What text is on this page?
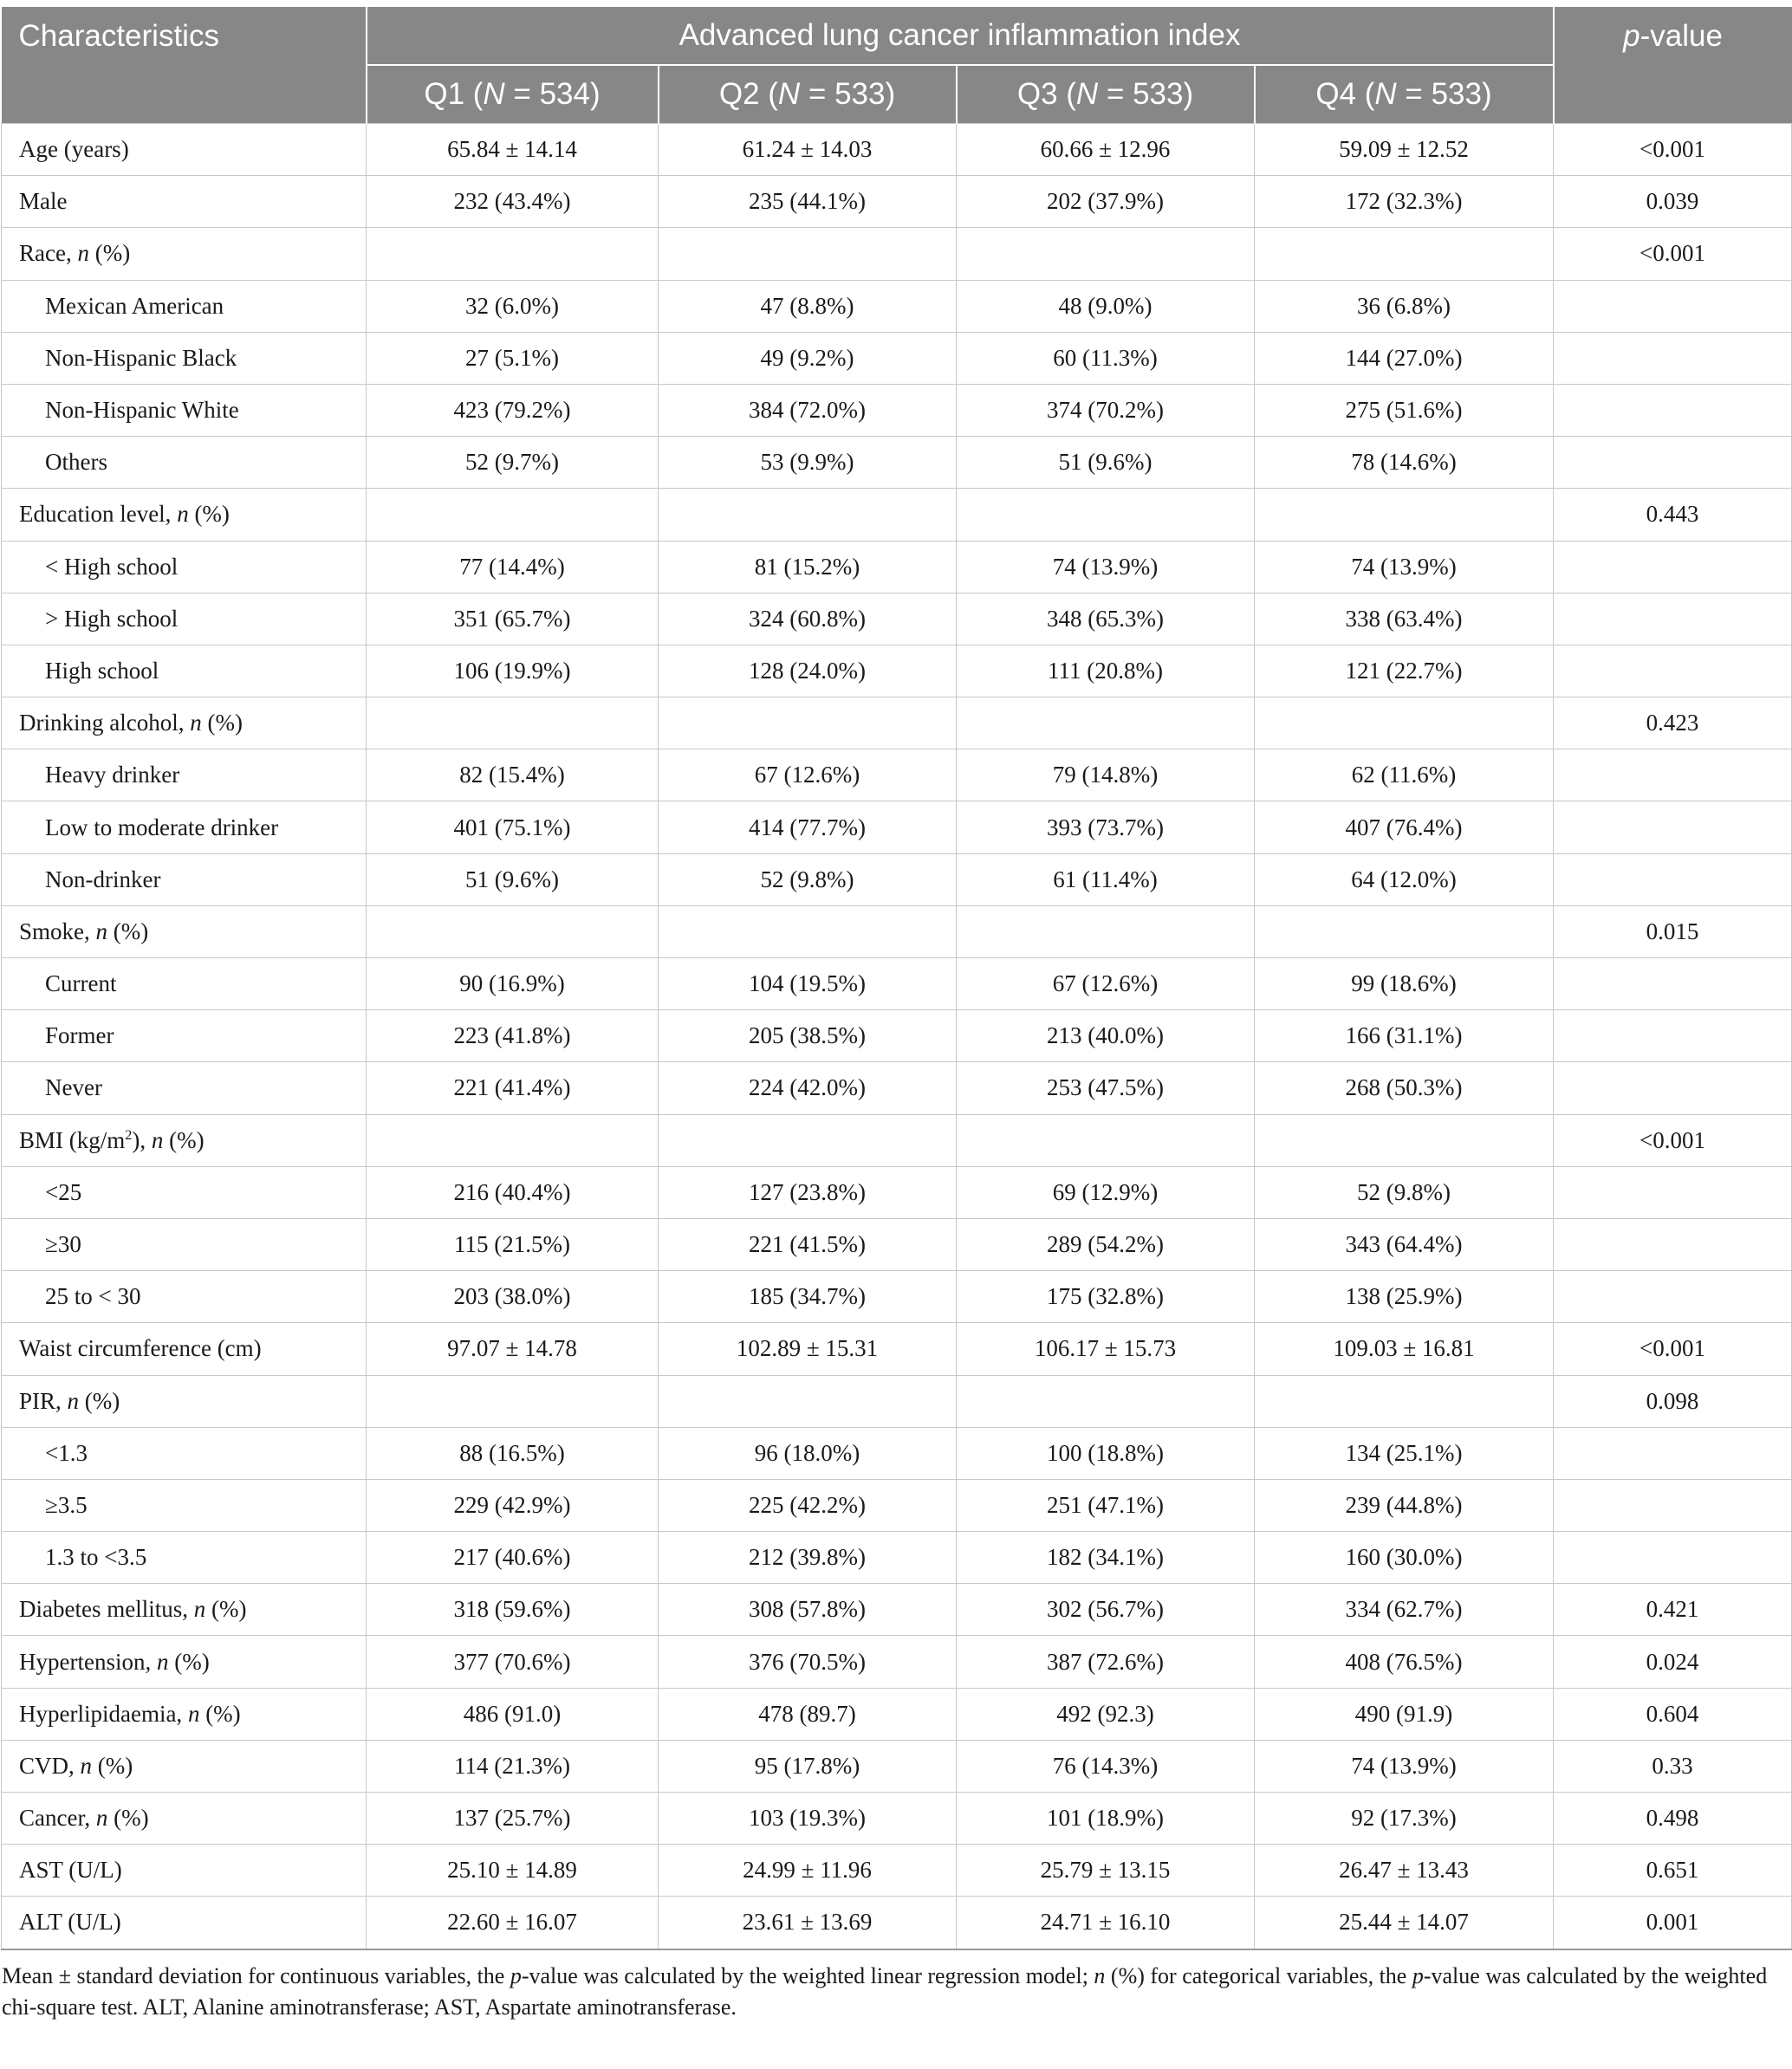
Characteristics	Advanced lung cancer inflammation index				p-value
	Q1 (N = 534)	Q2 (N = 533)	Q3 (N = 533)	Q4 (N = 533)	
Age (years)	65.84 ± 14.14	61.24 ± 14.03	60.66 ± 12.96	59.09 ± 12.52	<0.001
Male	232 (43.4%)	235 (44.1%)	202 (37.9%)	172 (32.3%)	0.039
Race, n (%)					<0.001
Mexican American	32 (6.0%)	47 (8.8%)	48 (9.0%)	36 (6.8%)	
Non-Hispanic Black	27 (5.1%)	49 (9.2%)	60 (11.3%)	144 (27.0%)	
Non-Hispanic White	423 (79.2%)	384 (72.0%)	374 (70.2%)	275 (51.6%)	
Others	52 (9.7%)	53 (9.9%)	51 (9.6%)	78 (14.6%)	
Education level, n (%)					0.443
< High school	77 (14.4%)	81 (15.2%)	74 (13.9%)	74 (13.9%)	
> High school	351 (65.7%)	324 (60.8%)	348 (65.3%)	338 (63.4%)	
High school	106 (19.9%)	128 (24.0%)	111 (20.8%)	121 (22.7%)	
Drinking alcohol, n (%)					0.423
Heavy drinker	82 (15.4%)	67 (12.6%)	79 (14.8%)	62 (11.6%)	
Low to moderate drinker	401 (75.1%)	414 (77.7%)	393 (73.7%)	407 (76.4%)	
Non-drinker	51 (9.6%)	52 (9.8%)	61 (11.4%)	64 (12.0%)	
Smoke, n (%)					0.015
Current	90 (16.9%)	104 (19.5%)	67 (12.6%)	99 (18.6%)	
Former	223 (41.8%)	205 (38.5%)	213 (40.0%)	166 (31.1%)	
Never	221 (41.4%)	224 (42.0%)	253 (47.5%)	268 (50.3%)	
BMI $(kg/m^2)$, n (%)					<0.001
<25	216 (40.4%)	127 (23.8%)	69 (12.9%)	52 (9.8%)	
≥30	115 (21.5%)	221 (41.5%)	289 (54.2%)	343 (64.4%)	
25 to < 30	203 (38.0%)	185 (34.7%)	175 (32.8%)	138 (25.9%)	
Waist circumference (cm)	97.07 ± 14.78	102.89 ± 15.31	106.17 ± 15.73	109.03 ± 16.81	<0.001
PIR, n (%)					0.098
<1.3	88 (16.5%)	96 (18.0%)	100 (18.8%)	134 (25.1%)	
≥3.5	229 (42.9%)	225 (42.2%)	251 (47.1%)	239 (44.8%)	
1.3 to <3.5	217 (40.6%)	212 (39.8%)	182 (34.1%)	160 (30.0%)	
Diabetes mellitus, n (%)	318 (59.6%)	308 (57.8%)	302 (56.7%)	334 (62.7%)	0.421
Hypertension, n (%)	377 (70.6%)	376 (70.5%)	387 (72.6%)	408 (76.5%)	0.024
Hyperlipidaemia, n (%)	486 (91.0)	478 (89.7)	492 (92.3)	490 (91.9)	0.604
CVD, n (%)	114 (21.3%)	95 (17.8%)	76 (14.3%)	74 (13.9%)	0.33
Cancer, n (%)	137 (25.7%)	103 (19.3%)	101 (18.9%)	92 (17.3%)	0.498
AST (U/L)	25.10 ± 14.89	24.99 ± 11.96	25.79 ± 13.15	26.47 ± 13.43	0.651
ALT (U/L)	22.60 ± 16.07	23.61 ± 13.69	24.71 ± 16.10	25.44 ± 14.07	0.001
Mean ± standard deviation for continuous variables, the p-value was calculated by the weighted linear regression model; n (%) for categorical variables, the p-value was calculated by the weighted chi-square test. ALT, Alanine aminotransferase; AST, Aspartate aminotransferase.
